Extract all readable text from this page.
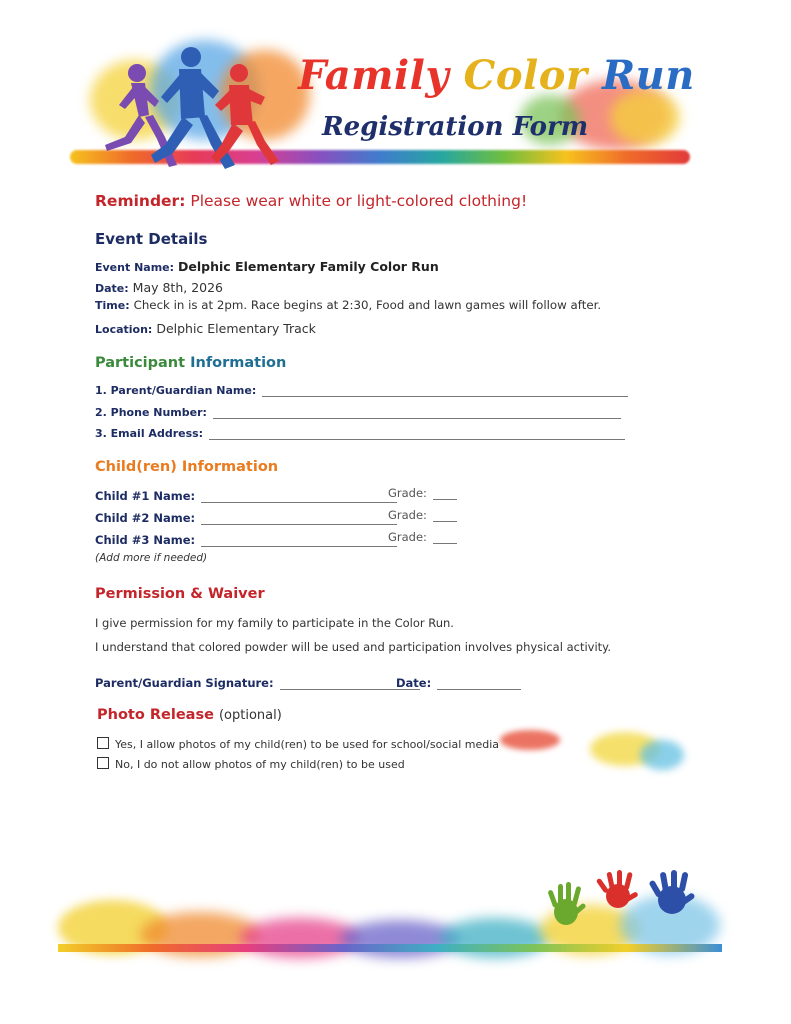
Family Color Run
Registration Form
Reminder: Please wear white or light-colored clothing!
Event Details
Event Name: Delphic Elementary Family Color Run
Date: May 8th, 2026
Time: Check in is at 2pm. Race begins at 2:30, Food and lawn games will follow after.
Location: Delphic Elementary Track
Participant Information
1. Parent/Guardian Name:
2. Phone Number:
3. Email Address:
Child(ren) Information
Child #1 Name:	Grade:
Child #2 Name:	Grade:
Child #3 Name:	Grade:
(Add more if needed)
Permission & Waiver
I give permission for my family to participate in the Color Run.
I understand that colored powder will be used and participation involves physical activity.
Parent/Guardian Signature:	Date:
Photo Release (optional)
Yes, I allow photos of my child(ren) to be used for school/social media
No, I do not allow photos of my child(ren) to be used
